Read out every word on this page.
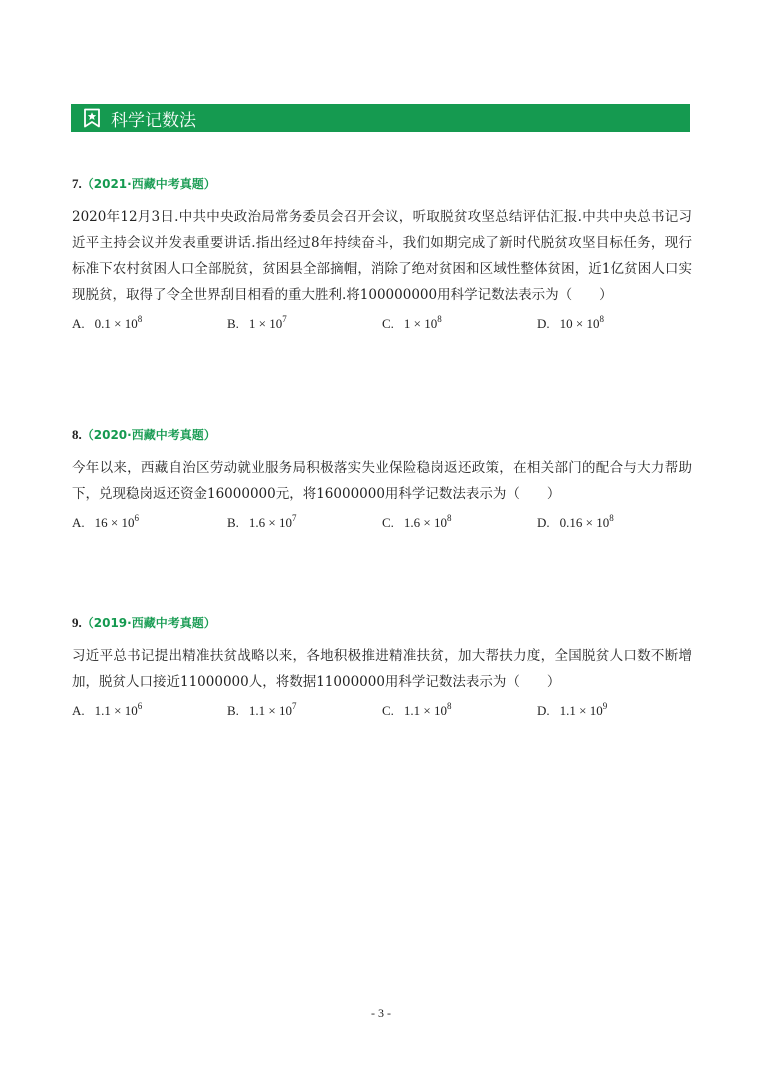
科学记数法
7.（2021·西藏中考真题）
2020年12月3日.中共中央政治局常务委员会召开会议，听取脱贫攻坚总结评估汇报.中共中央总书记习近平主持会议并发表重要讲话.指出经过8年持续奋斗，我们如期完成了新时代脱贫攻坚目标任务，现行标准下农村贫困人口全部脱贫，贫困县全部摘帽，消除了绝对贫困和区域性整体贫困，近1亿贫困人口实现脱贫，取得了令全世界刮目相看的重大胜利.将100000000用科学记数法表示为（　　）
A. $0.1 \times 10^8$	B. $1 \times 10^7$	C. $1 \times 10^8$	D. $10 \times 10^8$
8.（2020·西藏中考真题）
今年以来，西藏自治区劳动就业服务局积极落实失业保险稳岗返还政策，在相关部门的配合与大力帮助下，兑现稳岗返还资金16000000元，将16000000用科学记数法表示为（　　）
A. $16 \times 10^6$	B. $1.6 \times 10^7$	C. $1.6 \times 10^8$	D. $0.16 \times 10^8$
9.（2019·西藏中考真题）
习近平总书记提出精准扶贫战略以来，各地积极推进精准扶贫，加大帮扶力度，全国脱贫人口数不断增加，脱贫人口接近11000000人，将数据11000000用科学记数法表示为（　　）
A. $1.1 \times 10^6$	B. $1.1 \times 10^7$	C. $1.1 \times 10^8$	D. $1.1 \times 10^9$
- 3 -
